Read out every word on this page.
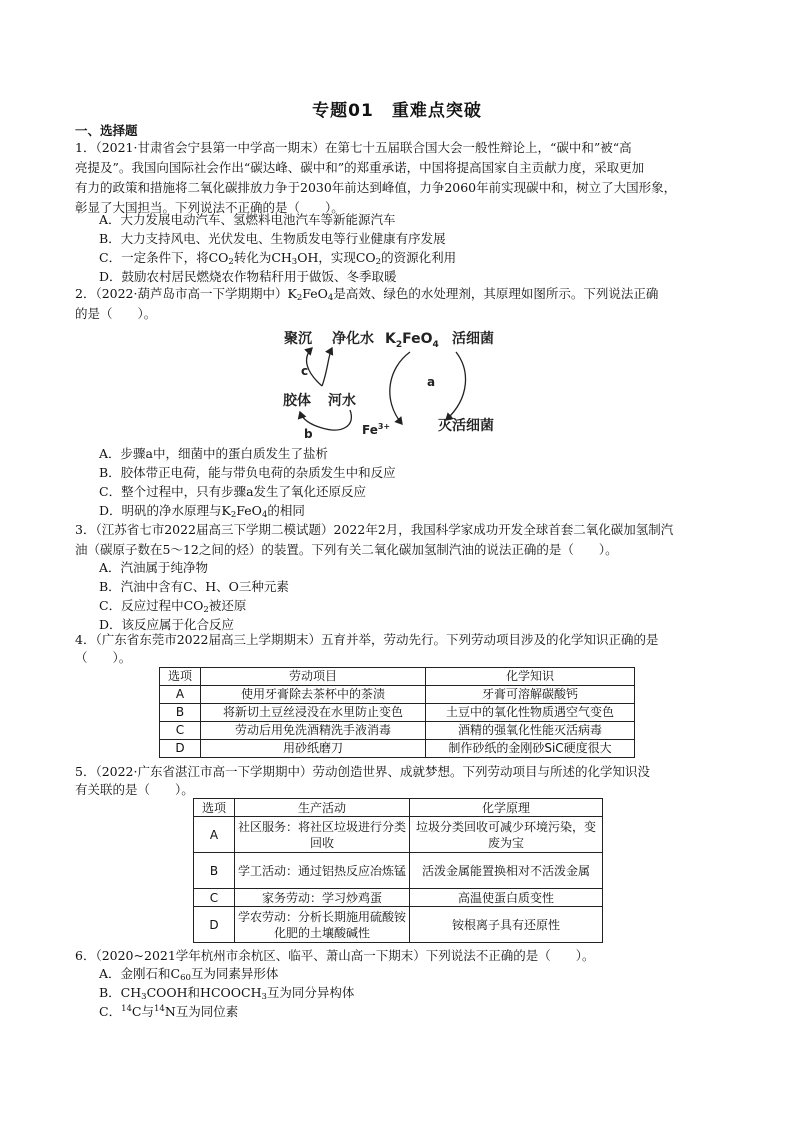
专题01　重难点突破
一、选择题
1．（2021·甘肃省会宁县第一中学高一期末）在第七十五届联合国大会一般性辩论上，“碳中和”被“高
亮提及”。我国向国际社会作出“碳达峰、碳中和”的郑重承诺，中国将提高国家自主贡献力度，采取更加
有力的政策和措施将二氧化碳排放力争于2030年前达到峰值，力争2060年前实现碳中和，树立了大国形象，
彰显了大国担当。下列说法不正确的是（　　）。
A．大力发展电动汽车、氢燃料电池汽车等新能源汽车
B．大力支持风电、光伏发电、生物质发电等行业健康有序发展
C．一定条件下，将$CO_2$转化为$CH_3OH$，实现$CO_2$的资源化利用
D．鼓励农村居民燃烧农作物秸秆用于做饭、冬季取暖
2．（2022·葫芦岛市高一下学期期中）$K_2FeO_4$是高效、绿色的水处理剂，其原理如图所示。下列说法正确
的是（　　）。
聚沉 净化水 $K_2FeO_4$ 活细菌
胶体 河水
$Fe^{3+}$	灭活细菌
a
b
c
A．步骤a中，细菌中的蛋白质发生了盐析
B．胶体带正电荷，能与带负电荷的杂质发生中和反应
C．整个过程中，只有步骤a发生了氧化还原反应
D．明矾的净水原理与$K_2FeO_4$的相同
3．（江苏省七市2022届高三下学期二模试题）2022年2月，我国科学家成功开发全球首套二氧化碳加氢制汽
油（碳原子数在5～12之间的烃）的装置。下列有关二氧化碳加氢制汽油的说法正确的是（　　）。
A．汽油属于纯净物
B．汽油中含有C、H、O三种元素
C．反应过程中$CO_2$被还原
D．该反应属于化合反应
4．（广东省东莞市2022届高三上学期期末）五育并举，劳动先行。下列劳动项目涉及的化学知识正确的是
（　　）。
选项	劳动项目	化学知识
A	使用牙膏除去茶杯中的茶渍	牙膏可溶解碳酸钙
B	将新切土豆丝浸没在水里防止变色	土豆中的氧化性物质遇空气变色
C	劳动后用免洗酒精洗手液消毒	酒精的强氧化性能灭活病毒
D	用砂纸磨刀	制作砂纸的金刚砂SiC硬度很大
5．（2022·广东省湛江市高一下学期期中）劳动创造世界、成就梦想。下列劳动项目与所述的化学知识没
有关联的是（　　）。
选项	生产活动	化学原理
A	社区服务：将社区垃圾进行分类回收	垃圾分类回收可减少环境污染，变废为宝
B	学工活动：通过铝热反应冶炼锰	活泼金属能置换相对不活泼金属
C	家务劳动：学习炒鸡蛋	高温使蛋白质变性
D	学农劳动：分析长期施用硫酸铵化肥的土壤酸碱性	铵根离子具有还原性
6．（2020~2021学年杭州市余杭区、临平、萧山高一下期末）下列说法不正确的是（　　）。
A．金刚石和$C_{60}$互为同素异形体
B．$CH_3COOH$和$HCOOCH_3$互为同分异构体
C．$^{14}$C与$^{14}$N互为同位素
